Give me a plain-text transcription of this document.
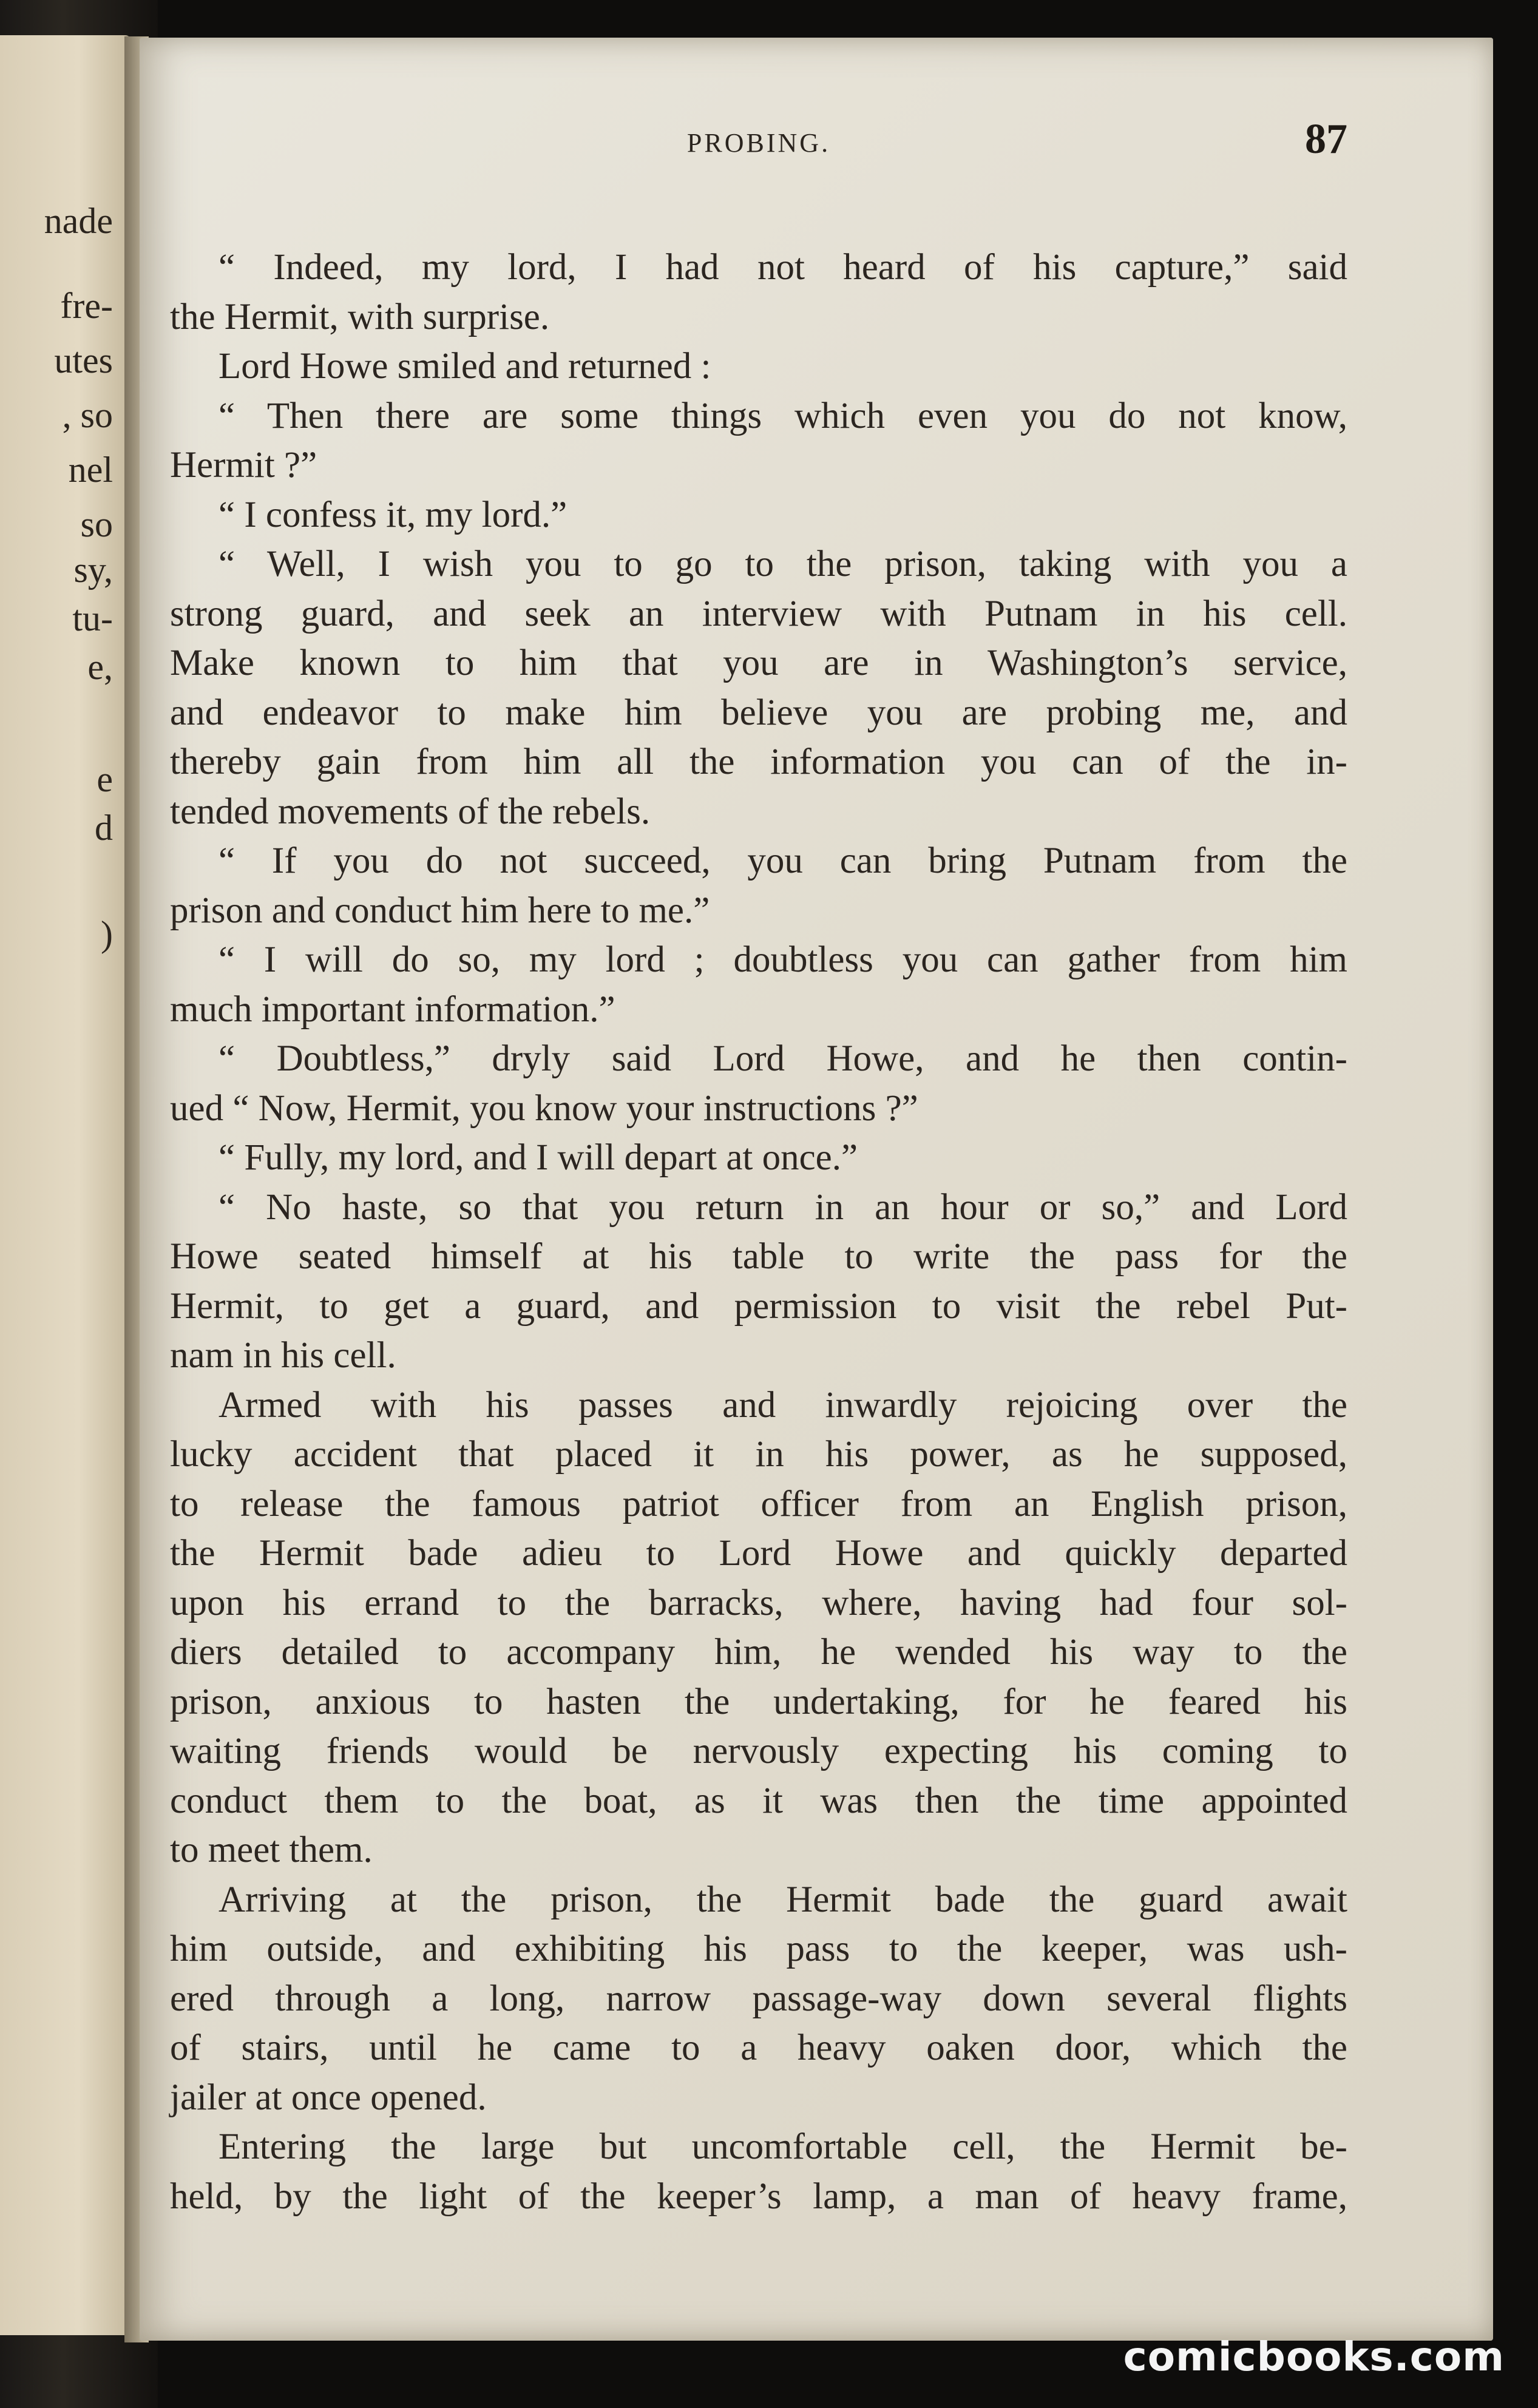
nade
fre-
utes
, so
nel
so
sy,
tu-
e,
e
d
)
PROBING.	87
“ Indeed, my lord, I had not heard of his capture,” said
the Hermit, with surprise.
Lord Howe smiled and returned :
“ Then there are some things which even you do not know,
Hermit ?”
“ I confess it, my lord.”
“ Well, I wish you to go to the prison, taking with you a
strong guard, and seek an interview with Putnam in his cell.
Make known to him that you are in Washington’s service,
and endeavor to make him believe you are probing me, and
thereby gain from him all the information you can of the in-
tended movements of the rebels.
“ If you do not succeed, you can bring Putnam from the
prison and conduct him here to me.”
“ I will do so, my lord ; doubtless you can gather from him
much important information.”
“ Doubtless,” dryly said Lord Howe, and he then contin-
ued “ Now, Hermit, you know your instructions ?”
“ Fully, my lord, and I will depart at once.”
“ No haste, so that you return in an hour or so,” and Lord
Howe seated himself at his table to write the pass for the
Hermit, to get a guard, and permission to visit the rebel Put-
nam in his cell.
Armed with his passes and inwardly rejoicing over the
lucky accident that placed it in his power, as he supposed,
to release the famous patriot officer from an English prison,
the Hermit bade adieu to Lord Howe and quickly departed
upon his errand to the barracks, where, having had four sol-
diers detailed to accompany him, he wended his way to the
prison, anxious to hasten the undertaking, for he feared his
waiting friends would be nervously expecting his coming to
conduct them to the boat, as it was then the time appointed
to meet them.
Arriving at the prison, the Hermit bade the guard await
him outside, and exhibiting his pass to the keeper, was ush-
ered through a long, narrow passage-way down several flights
of stairs, until he came to a heavy oaken door, which the
jailer at once opened.
Entering the large but uncomfortable cell, the Hermit be-
held, by the light of the keeper’s lamp, a man of heavy frame,
comicbooks.com
